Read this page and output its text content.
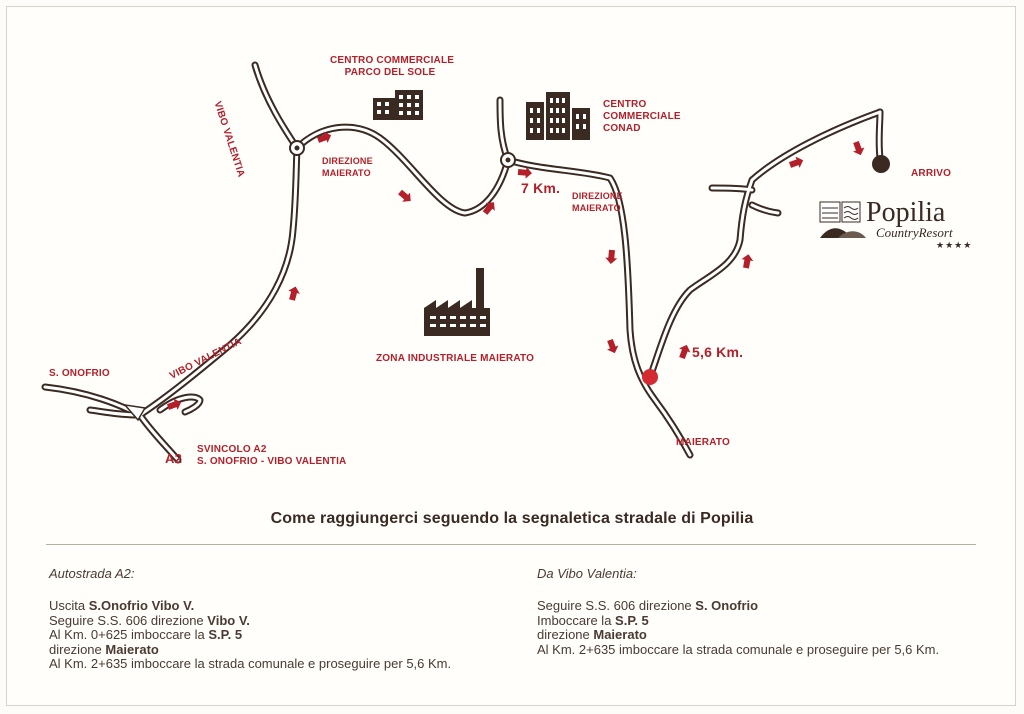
VIBO VALENTIA
CENTRO COMMERCIALE
PARCO DEL SOLE
CENTRO
COMMERCIALE
CONAD
DIREZIONE
MAIERATO
DIREZIONE
MAIERATO
7 Km.
5,6 Km.
ARRIVO
ZONA INDUSTRIALE MAIERATO
S. ONOFRIO	VIBO VALENTIA
A2
SVINCOLO A2
S. ONOFRIO - VIBO VALENTIA
MAIERATO
Popilia
CountryResort
★★★★
Come raggiungerci seguendo la segnaletica stradale di Popilia
Autostrada A2:

Uscita S.Onofrio Vibo V.

Seguire S.S. 606 direzione Vibo V.

Al Km. 0+625 imboccare la S.P. 5

direzione Maierato

Al Km. 2+635 imboccare la strada comunale e proseguire per 5,6 Km.

Da Vibo Valentia:

Seguire S.S. 606 direzione S. Onofrio

Imboccare la S.P. 5

direzione Maierato

Al Km. 2+635 imboccare la strada comunale e proseguire per 5,6 Km.
